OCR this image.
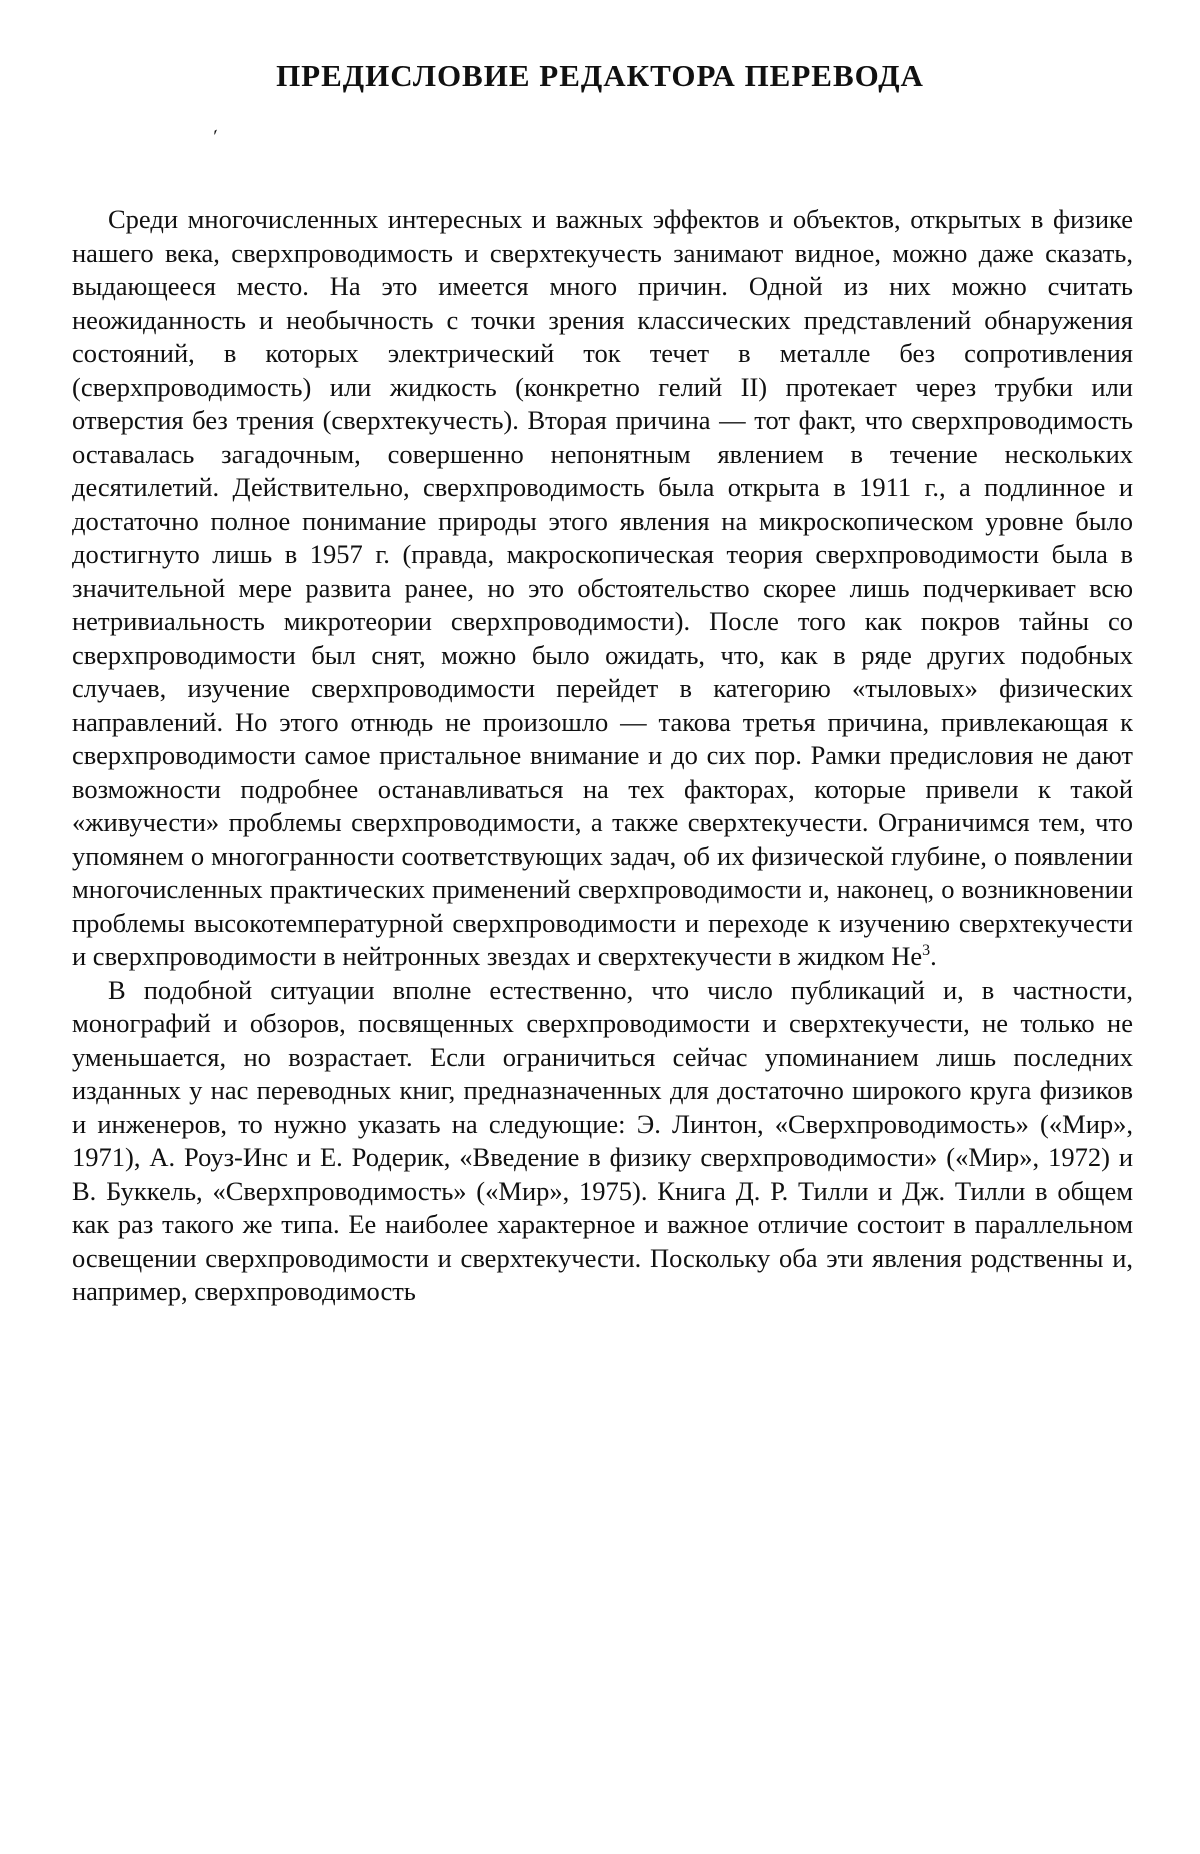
ПРЕДИСЛОВИЕ РЕДАКТОРА ПЕРЕВОДА
´

Среди многочисленных интересных и важных эффектов и объектов, открытых в физике нашего века, сверхпроводимость и сверхтекучесть занимают видное, можно даже сказать, выдающееся место. На это имеется много причин. Одной из них можно считать неожиданность и необычность с точки зрения классических представлений обнаружения состояний, в которых электрический ток течет в металле без сопротивления (сверхпроводимость) или жидкость (конкретно гелий II) протекает через трубки или отверстия без трения (сверхтекучесть). Вторая причина — тот факт, что сверхпроводимость оставалась загадочным, совершенно непонятным явлением в течение нескольких десятилетий. Действительно, сверхпроводимость была открыта в 1911 г., а подлинное и достаточно полное понимание природы этого явления на микроскопическом уровне было достигнуто лишь в 1957 г. (правда, макроскопическая теория сверхпроводимости была в значительной мере развита ранее, но это обстоятельство скорее лишь подчеркивает всю нетривиальность микротеории сверхпроводимости). После того как покров тайны со сверхпроводимости был снят, можно было ожидать, что, как в ряде других подобных случаев, изучение сверхпроводимости перейдет в категорию «тыловых» физических направлений. Но этого отнюдь не произошло — такова третья причина, привлекающая к сверхпроводимости самое пристальное внимание и до сих пор. Рамки предисловия не дают возможности подробнее останавливаться на тех факторах, которые привели к такой «живучести» проблемы сверхпроводимости, а также сверхтекучести. Ограничимся тем, что упомянем о многогранности соответствующих задач, об их физической глубине, о появлении многочисленных практических применений сверхпроводимости и, наконец, о возникновении проблемы высокотемпературной сверхпроводимости и переходе к изучению сверхтекучести и сверхпроводимости в нейтронных звездах и сверхтекучести в жидком He$^3$.

В подобной ситуации вполне естественно, что число публикаций и, в частности, монографий и обзоров, посвященных сверхпроводимости и сверхтекучести, не только не уменьшается, но возрастает. Если ограничиться сейчас упоминанием лишь последних изданных у нас переводных книг, предназначенных для достаточно широкого круга физиков и инженеров, то нужно указать на следующие: Э. Линтон, «Сверхпроводимость» («Мир», 1971), А. Роуз-Инс и Е. Родерик, «Введение в физику сверхпроводимости» («Мир», 1972) и В. Буккель, «Сверхпроводимость» («Мир», 1975). Книга Д. Р. Тилли и Дж. Тилли в общем как раз такого же типа. Ее наиболее характерное и важное отличие состоит в параллельном освещении сверхпроводимости и сверхтекучести. Поскольку оба эти явления родственны и, например, сверхпроводимость
